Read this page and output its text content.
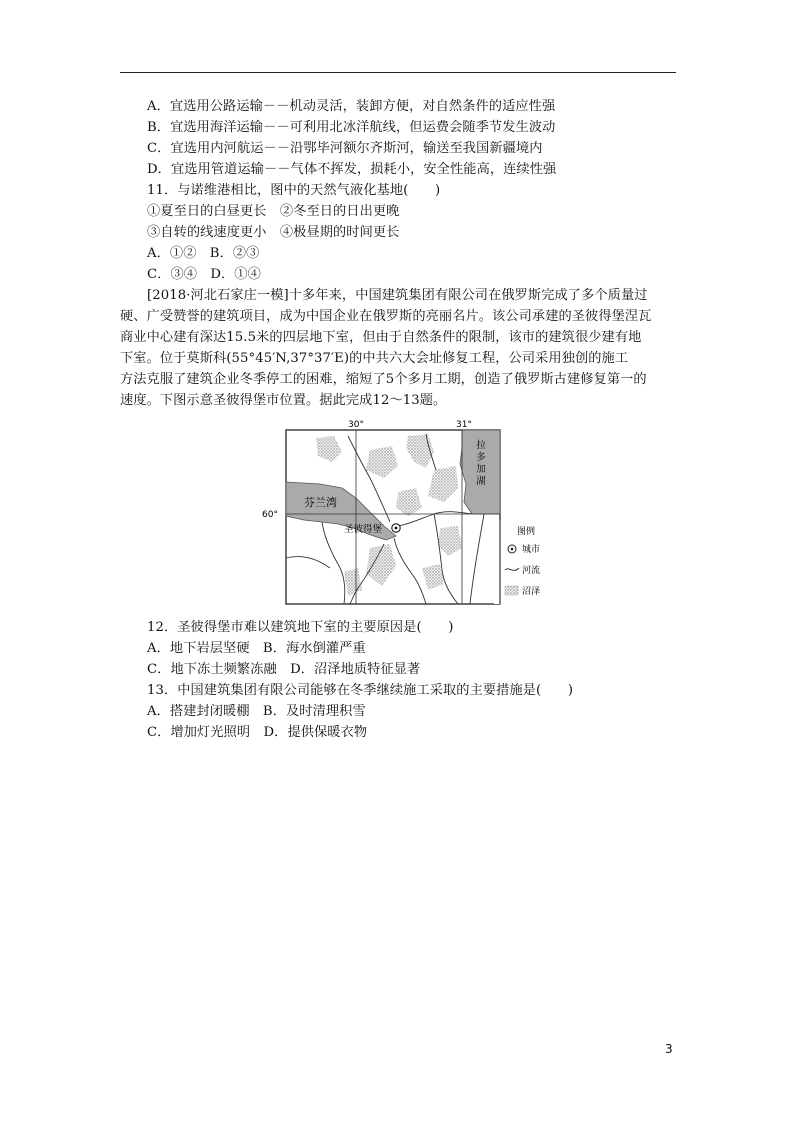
A．宜选用公路运输－－机动灵活，装卸方便，对自然条件的适应性强
B．宜选用海洋运输－－可利用北冰洋航线，但运费会随季节发生波动
C．宜选用内河航运－－沿鄂毕河额尔齐斯河，输送至我国新疆境内
D．宜选用管道运输－－气体不挥发，损耗小，安全性能高，连续性强
11．与诺维港相比，图中的天然气液化基地(　　)
①夏至日的白昼更长　②冬至日的日出更晚
③自转的线速度更小　④极昼期的时间更长
A．①②　B．②③
C．③④　D．①④
[2018·河北石家庄一模]十多年来，中国建筑集团有限公司在俄罗斯完成了多个质量过
硬、广受赞誉的建筑项目，成为中国企业在俄罗斯的亮丽名片。该公司承建的圣彼得堡涅瓦
商业中心建有深达15.5米的四层地下室，但由于自然条件的限制，该市的建筑很少建有地
下室。位于莫斯科(55°45′N,37°37′E)的中共六大会址修复工程，公司采用独创的施工
方法克服了建筑企业冬季停工的困难，缩短了5个多月工期，创造了俄罗斯古建修复第一的
速度。下图示意圣彼得堡市位置。据此完成12～13题。
图例
城市
河流
沼泽
30°	31°
60°
芬兰湾
拉
多
加
湖
圣彼得堡
12．圣彼得堡市难以建筑地下室的主要原因是(　　)
A．地下岩层坚硬　B．海水倒灌严重
C．地下冻土频繁冻融　D．沼泽地质特征显著
13．中国建筑集团有限公司能够在冬季继续施工采取的主要措施是(　　)
A．搭建封闭暖棚　B．及时清理积雪
C．增加灯光照明　D．提供保暖衣物
3
